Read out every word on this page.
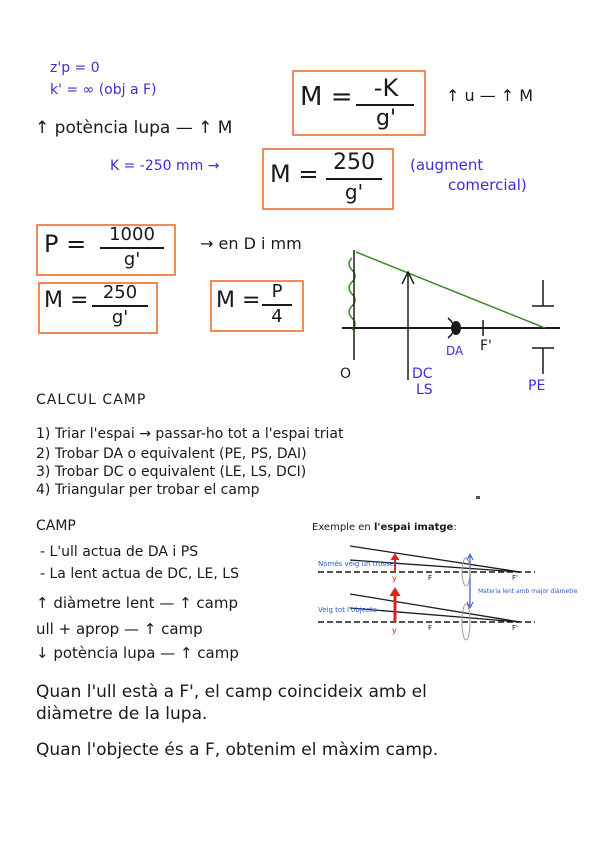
z'p = 0
k' = ∞ (obj a F)	M = -K
g'
↑ u — ↑ M
↑ potència lupa — ↑ M
K = -250 mm → M = 250
g'
(augment
comercial)
P =	1000
g'
→ en D i mm
M = 250
g'
M = P
4
O
DA F'
DC
LS	PE
CALCUL CAMP
1) Triar l'espai → passar-ho tot a l'espai triat
2) Trobar DA o equivalent (PE, PS, DAI)
3) Trobar DC o equivalent (LE, LS, DCI)
4) Triangular per trobar el camp
CAMP
- L'ull actua de DA i PS
- La lent actua de DC, LE, LS
↑ diàmetre lent — ↑ camp
ull + aprop — ↑ camp
↓ potència lupa — ↑ camp
Exemple en l'espai imatge:
Només veig un trosset
Veig tot l'objecte
Materia lent amb major diàmetre
y
y
F	F'
F	F'
Quan l'ull està a F', el camp coincideix amb el
diàmetre de la lupa.
Quan l'objecte és a F, obtenim el màxim camp.
